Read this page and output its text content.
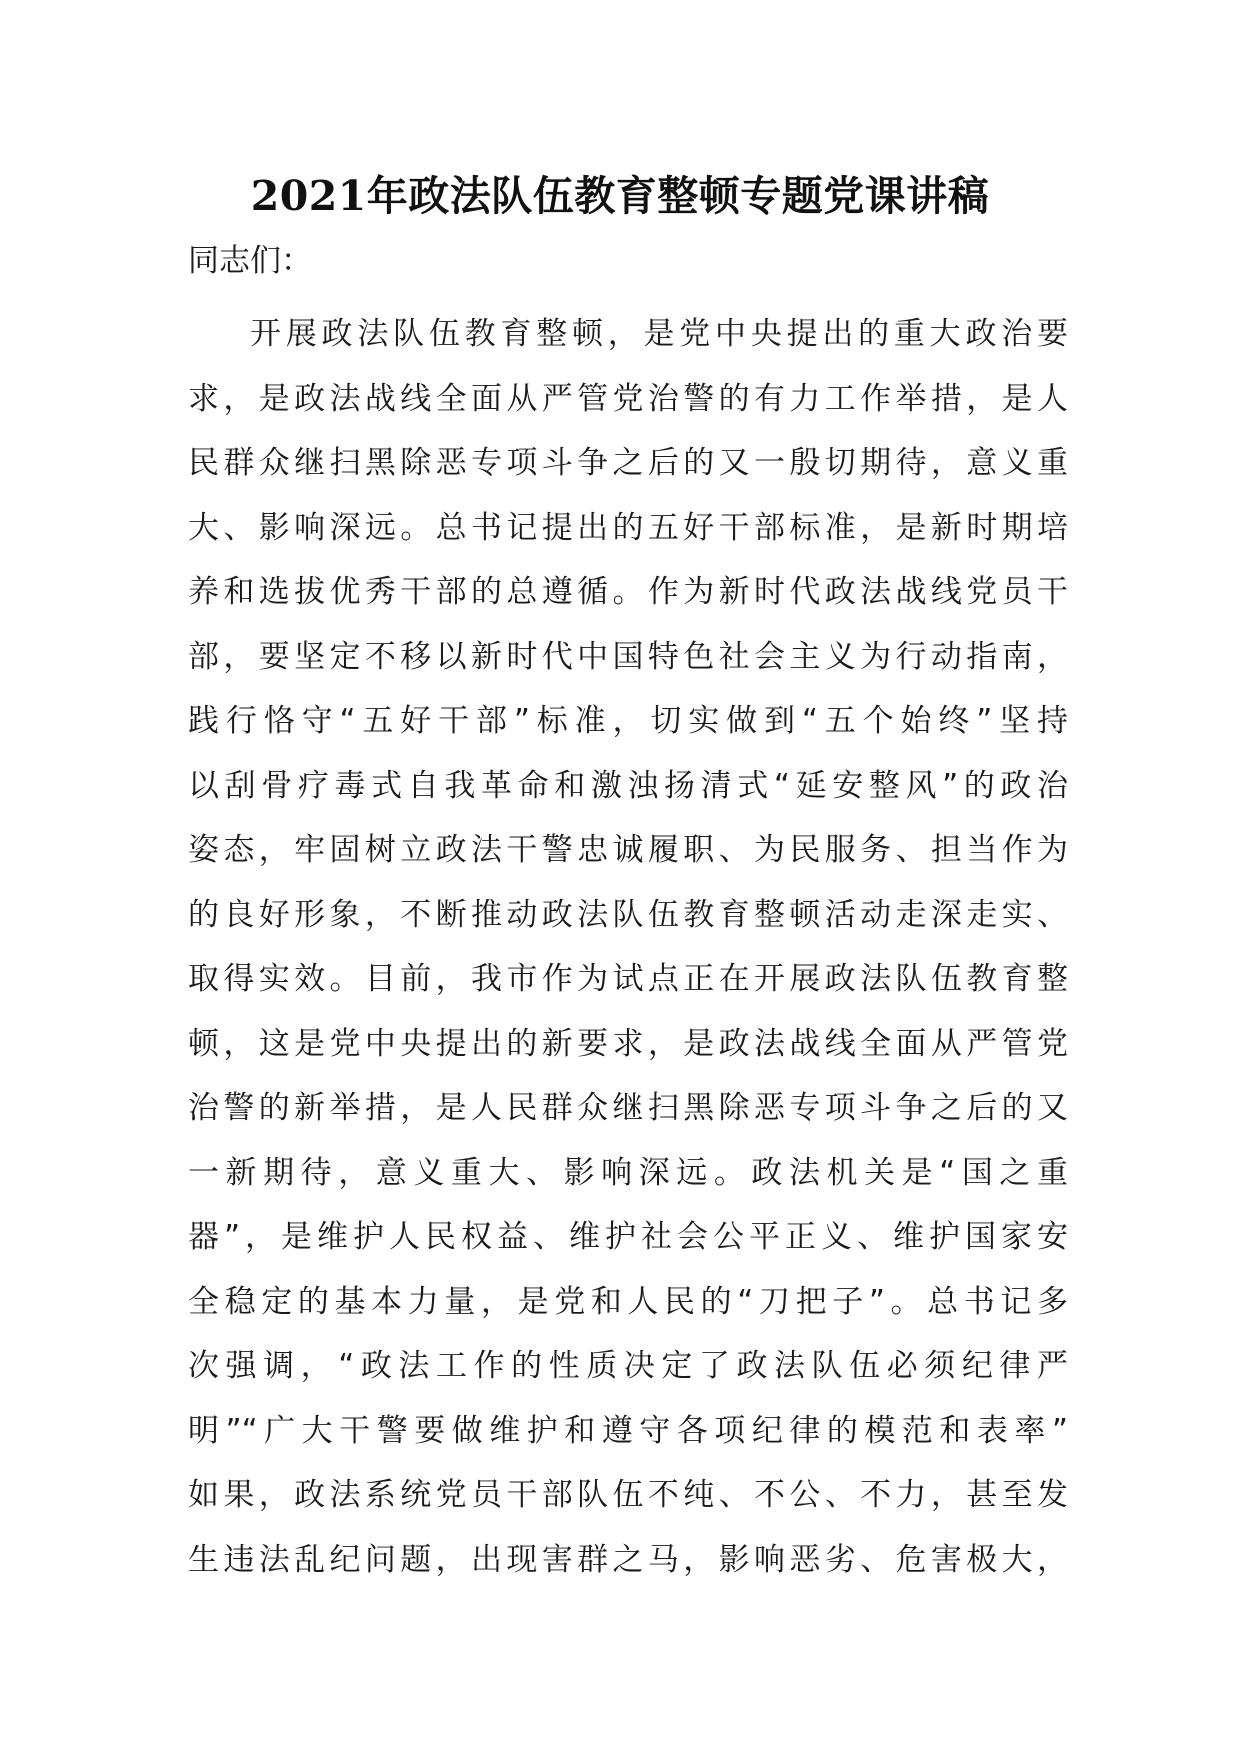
2021年政法队伍教育整顿专题党课讲稿
同志们：
开展政法队伍教育整顿，是党中央提出的重大政治要
求，是政法战线全面从严管党治警的有力工作举措，是人
民群众继扫黑除恶专项斗争之后的又一殷切期待，意义重
大、影响深远。总书记提出的五好干部标准，是新时期培
养和选拔优秀干部的总遵循。作为新时代政法战线党员干
部，要坚定不移以新时代中国特色社会主义为行动指南，
践行恪守“五好干部”标准，切实做到“五个始终”坚持
以刮骨疗毒式自我革命和激浊扬清式“延安整风”的政治
姿态，牢固树立政法干警忠诚履职、为民服务、担当作为
的良好形象，不断推动政法队伍教育整顿活动走深走实、
取得实效。目前，我市作为试点正在开展政法队伍教育整
顿，这是党中央提出的新要求，是政法战线全面从严管党
治警的新举措，是人民群众继扫黑除恶专项斗争之后的又
一新期待，意义重大、影响深远。政法机关是“国之重
器”，是维护人民权益、维护社会公平正义、维护国家安
全稳定的基本力量，是党和人民的“刀把子”。总书记多
次强调，“政法工作的性质决定了政法队伍必须纪律严
明”“广大干警要做维护和遵守各项纪律的模范和表率”
如果，政法系统党员干部队伍不纯、不公、不力，甚至发
生违法乱纪问题，出现害群之马，影响恶劣、危害极大，
